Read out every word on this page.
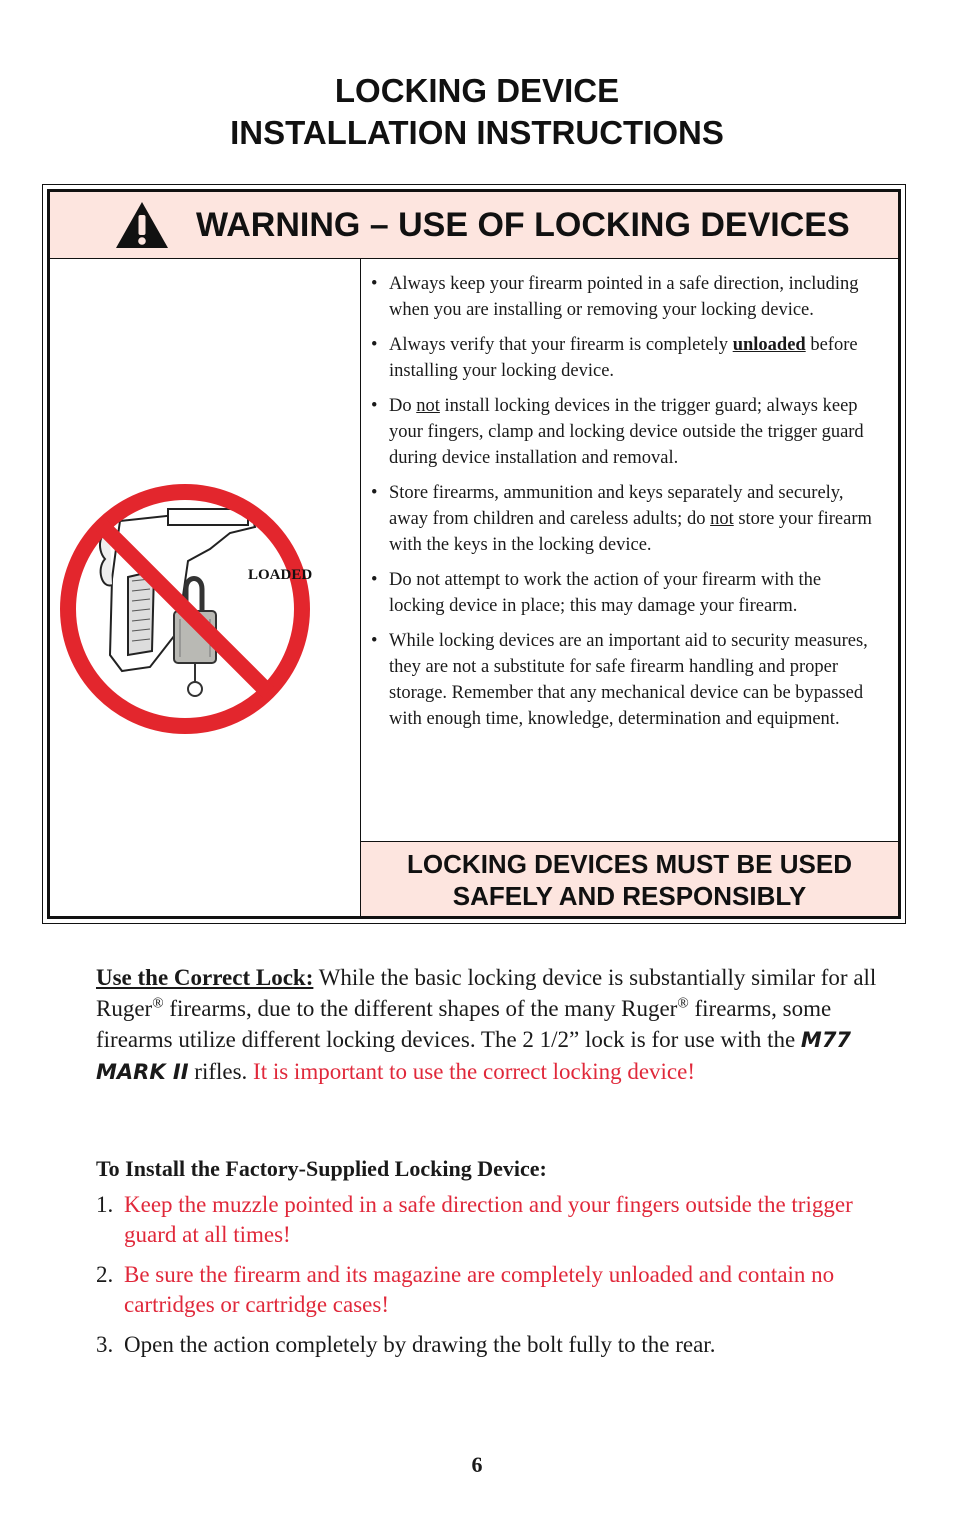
LOCKING DEVICE
INSTALLATION INSTRUCTIONS
WARNING – USE OF LOCKING DEVICES
LOADED
• Always keep your firearm pointed in a safe direction, including when you are installing or removing your locking device.
• Always verify that your firearm is completely unloaded before installing your locking device.
• Do not install locking devices in the trigger guard; always keep your fingers, clamp and locking device outside the trigger guard during device installation and removal.
• Store firearms, ammunition and keys separately and securely, away from children and careless adults; do not store your firearm with the keys in the locking device.
• Do not attempt to work the action of your firearm with the locking device in place; this may damage your firearm.
• While locking devices are an important aid to security measures, they are not a substitute for safe firearm handling and proper storage. Remember that any mechanical device can be bypassed with enough time, knowledge, determination and equipment.
LOCKING DEVICES MUST BE USED
SAFELY AND RESPONSIBLY
Use the Correct Lock: While the basic locking device is substantially similar for all Ruger® firearms, due to the different shapes of the many Ruger® firearms, some firearms utilize different locking devices. The 2 1/2” lock is for use with the M77 MARK II rifles. It is important to use the correct locking device!
To Install the Factory-Supplied Locking Device:
1. Keep the muzzle pointed in a safe direction and your fingers outside the trigger guard at all times!
2. Be sure the firearm and its magazine are completely unloaded and contain no cartridges or cartridge cases!
3. Open the action completely by drawing the bolt fully to the rear.
6
